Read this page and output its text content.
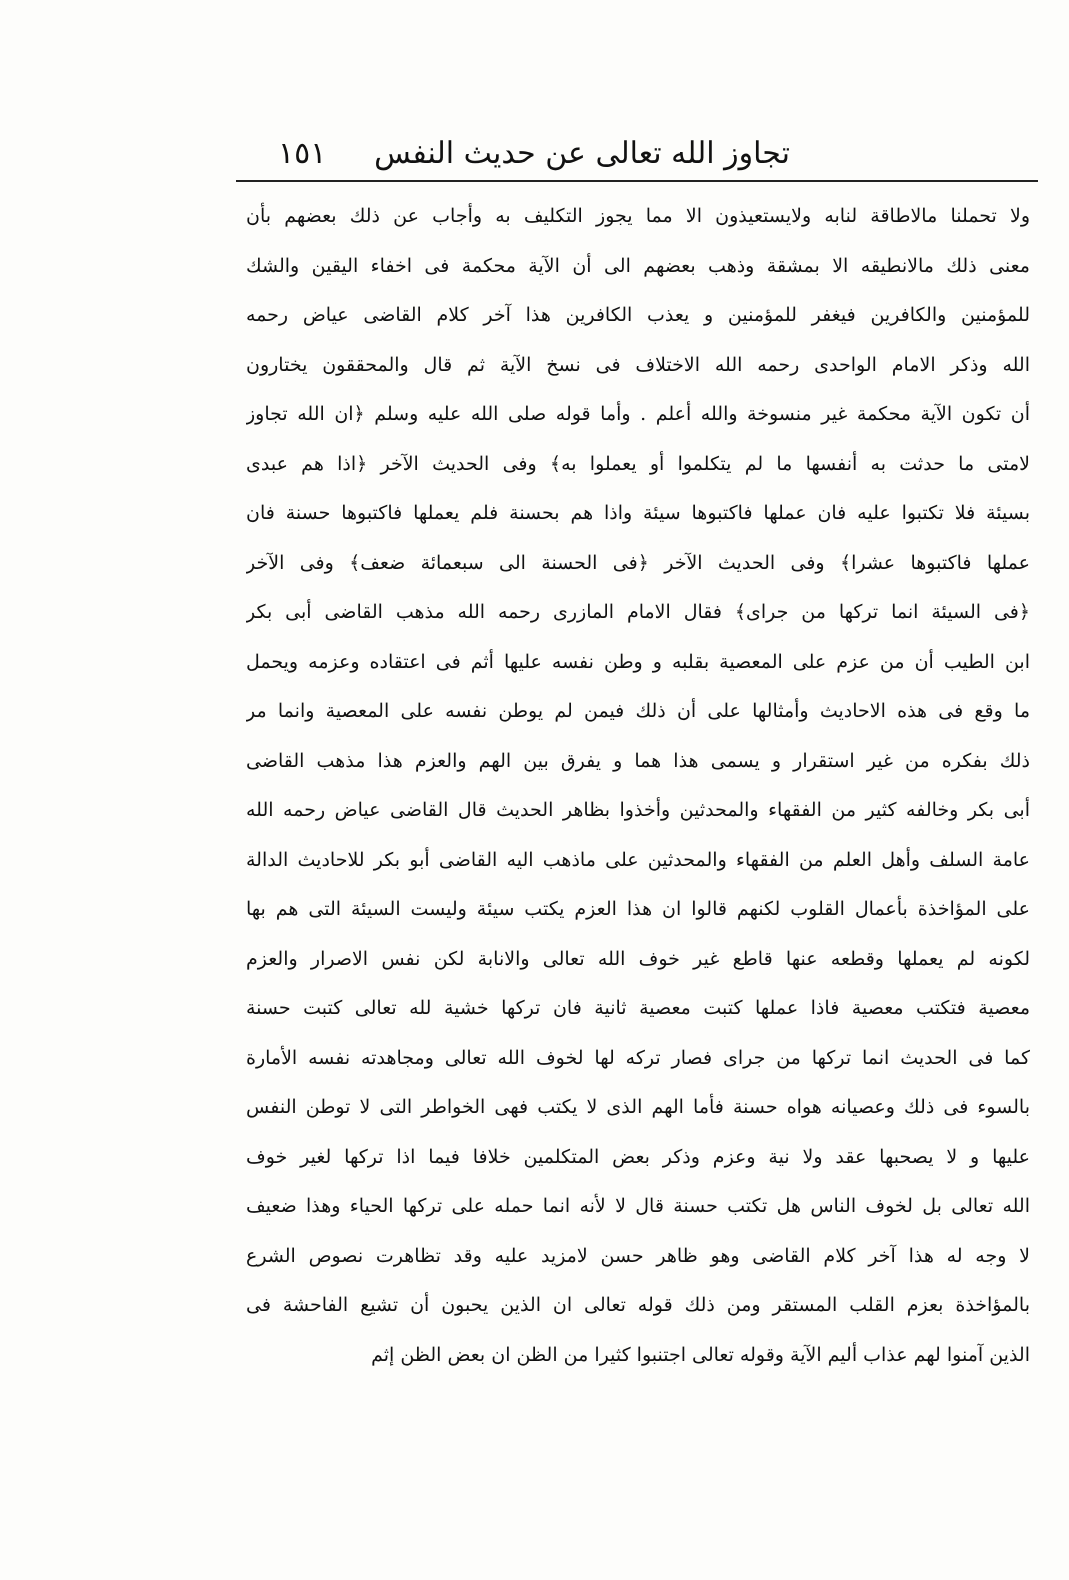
تجاوز الله تعالى عن حديث النفس
١٥١
ولا تحملنا مالاطاقة لنابه ولايستعيذون الا مما يجوز التكليف به وأجاب عن ذلك بعضهم بأن
معنى ذلك مالانطيقه الا بمشقة وذهب بعضهم الى أن الآية محكمة فى اخفاء اليقين والشك
للمؤمنين والكافرين فيغفر للمؤمنين و يعذب الكافرين هذا آخر كلام القاضى عياض رحمه
الله وذكر الامام الواحدى رحمه الله الاختلاف فى نسخ الآية ثم قال والمحققون يختارون
أن تكون الآية محكمة غير منسوخة والله أعلم . وأما قوله صلى الله عليه وسلم ﴿ان الله تجاوز
لامتى ما حدثت به أنفسها ما لم يتكلموا أو يعملوا به﴾ وفى الحديث الآخر ﴿اذا هم عبدى
بسيئة فلا تكتبوا عليه فان عملها فاكتبوها سيئة واذا هم بحسنة فلم يعملها فاكتبوها حسنة فان
عملها فاكتبوها عشرا﴾ وفى الحديث الآخر ﴿فى الحسنة الى سبعمائة ضعف﴾ وفى الآخر
﴿فى السيئة انما تركها من جراى﴾ فقال الامام المازرى رحمه الله مذهب القاضى أبى بكر
ابن الطيب أن من عزم على المعصية بقلبه و وطن نفسه عليها أثم فى اعتقاده وعزمه ويحمل
ما وقع فى هذه الاحاديث وأمثالها على أن ذلك فيمن لم يوطن نفسه على المعصية وانما مر
ذلك بفكره من غير استقرار و يسمى هذا هما و يفرق بين الهم والعزم هذا مذهب القاضى
أبى بكر وخالفه كثير من الفقهاء والمحدثين وأخذوا بظاهر الحديث قال القاضى عياض رحمه الله
عامة السلف وأهل العلم من الفقهاء والمحدثين على ماذهب اليه القاضى أبو بكر للاحاديث الدالة
على المؤاخذة بأعمال القلوب لكنهم قالوا ان هذا العزم يكتب سيئة وليست السيئة التى هم بها
لكونه لم يعملها وقطعه عنها قاطع غير خوف الله تعالى والانابة لكن نفس الاصرار والعزم
معصية فتكتب معصية فاذا عملها كتبت معصية ثانية فان تركها خشية لله تعالى كتبت حسنة
كما فى الحديث انما تركها من جراى فصار تركه لها لخوف الله تعالى ومجاهدته نفسه الأمارة
بالسوء فى ذلك وعصيانه هواه حسنة فأما الهم الذى لا يكتب فهى الخواطر التى لا توطن النفس
عليها و لا يصحبها عقد ولا نية وعزم وذكر بعض المتكلمين خلافا فيما اذا تركها لغير خوف
الله تعالى بل لخوف الناس هل تكتب حسنة قال لا لأنه انما حمله على تركها الحياء وهذا ضعيف
لا وجه له هذا آخر كلام القاضى وهو ظاهر حسن لامزيد عليه وقد تظاهرت نصوص الشرع
بالمؤاخذة بعزم القلب المستقر ومن ذلك قوله تعالى ان الذين يحبون أن تشيع الفاحشة فى
الذين آمنوا لهم عذاب أليم الآية وقوله تعالى اجتنبوا كثيرا من الظن ان بعض الظن إثم
